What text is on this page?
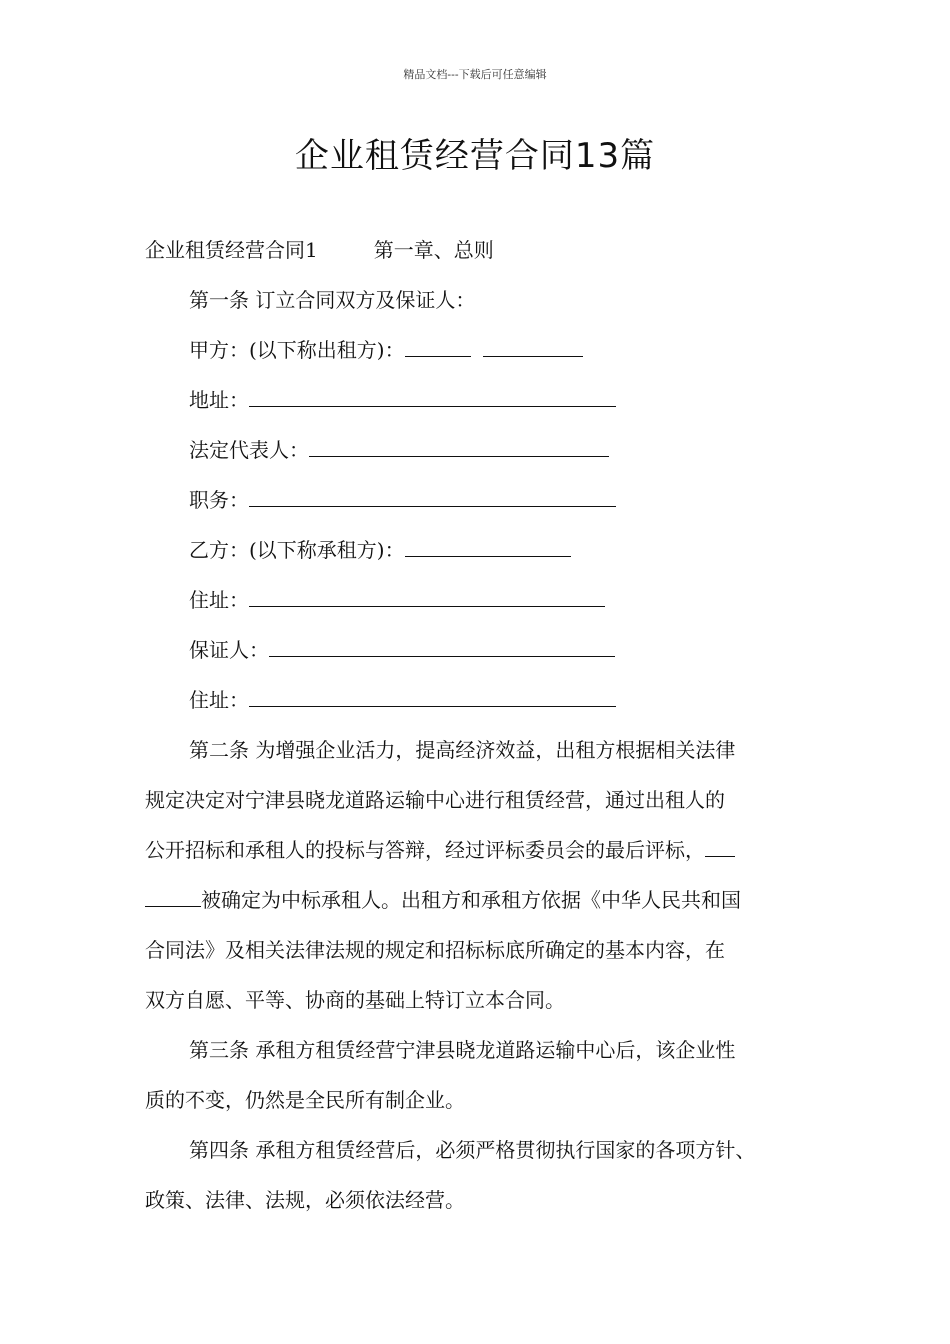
精品文档---下载后可任意编辑
企业租赁经营合同13篇
企业租赁经营合同1	第一章、总则
第一条 订立合同双方及保证人：
甲方：(以下称出租方)：
地址：
法定代表人：
职务：
乙方：(以下称承租方)：
住址：
保证人：
住址：
第二条 为增强企业活力，提高经济效益，出租方根据相关法律
规定决定对宁津县晓龙道路运输中心进行租赁经营，通过出租人的
公开招标和承租人的投标与答辩，经过评标委员会的最后评标，
被确定为中标承租人。出租方和承租方依据《中华人民共和国
合同法》及相关法律法规的规定和招标标底所确定的基本内容，在
双方自愿、平等、协商的基础上特订立本合同。
第三条 承租方租赁经营宁津县晓龙道路运输中心后，该企业性
质的不变，仍然是全民所有制企业。
第四条 承租方租赁经营后，必须严格贯彻执行国家的各项方针、
政策、法律、法规，必须依法经营。
